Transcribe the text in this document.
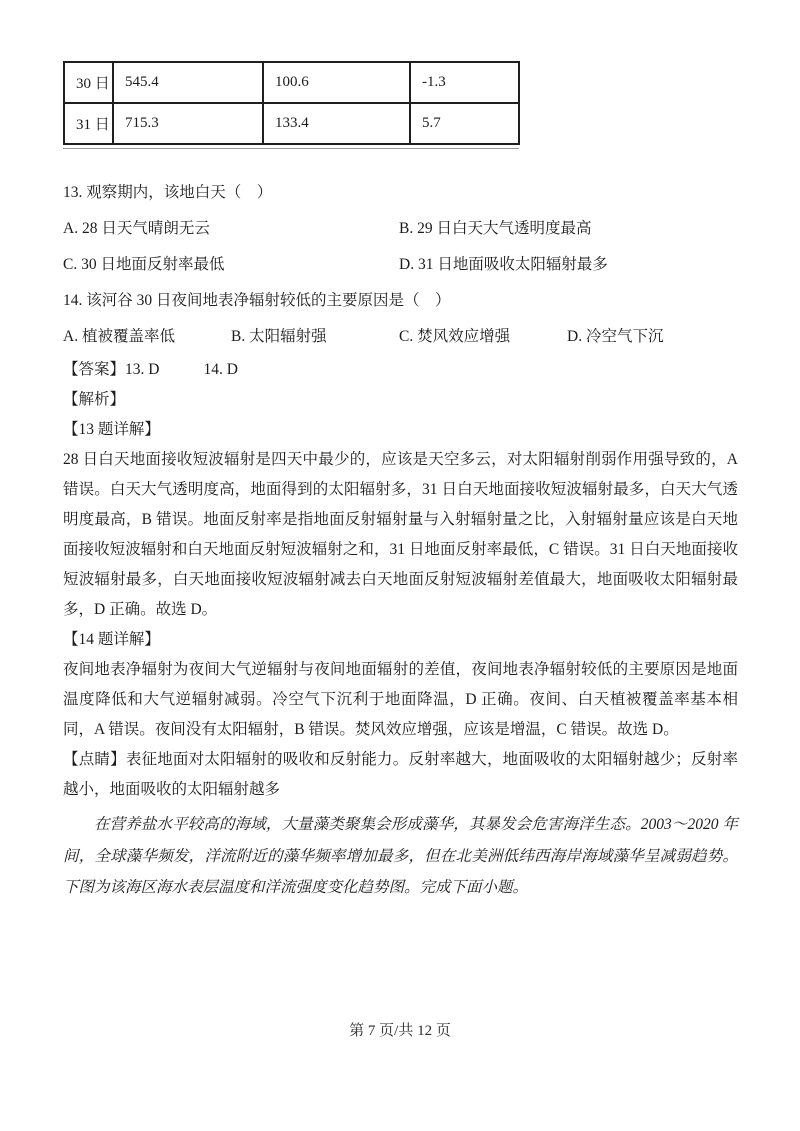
30 日	545.4	100.6	-1.3
31 日	715.3	133.4	5.7

13. 观察期内，该地白天（　）

A. 28 日天气晴朗无云	B. 29 日白天大气透明度最高

C. 30 日地面反射率最低	D. 31 日地面吸收太阳辐射最多

14. 该河谷 30 日夜间地表净辐射较低的主要原因是（　）

A. 植被覆盖率低	B. 太阳辐射强	C. 焚风效应增强	D. 冷空气下沉

【答案】13. D	14. D

【解析】

【13 题详解】

28 日白天地面接收短波辐射是四天中最少的，应该是天空多云，对太阳辐射削弱作用强导致的，A 错误。白天大气透明度高，地面得到的太阳辐射多，31 日白天地面接收短波辐射最多，白天大气透明度最高，B 错误。地面反射率是指地面反射辐射量与入射辐射量之比，入射辐射量应该是白天地面接收短波辐射和白天地面反射短波辐射之和，31 日地面反射率最低，C 错误。31 日白天地面接收短波辐射最多，白天地面接收短波辐射减去白天地面反射短波辐射差值最大，地面吸收太阳辐射最多，D 正确。故选 D。

【14 题详解】

夜间地表净辐射为夜间大气逆辐射与夜间地面辐射的差值，夜间地表净辐射较低的主要原因是地面温度降低和大气逆辐射减弱。冷空气下沉利于地面降温，D 正确。夜间、白天植被覆盖率基本相同，A 错误。夜间没有太阳辐射，B 错误。焚风效应增强，应该是增温，C 错误。故选 D。

【点睛】表征地面对太阳辐射的吸收和反射能力。反射率越大，地面吸收的太阳辐射越少；反射率越小，地面吸收的太阳辐射越多

在营养盐水平较高的海域，大量藻类聚集会形成藻华，其暴发会危害海洋生态。2003～2020 年间，全球藻华频发，洋流附近的藻华频率增加最多，但在北美洲低纬西海岸海域藻华呈减弱趋势。下图为该海区海水表层温度和洋流强度变化趋势图。完成下面小题。

第 7 页/共 12 页
